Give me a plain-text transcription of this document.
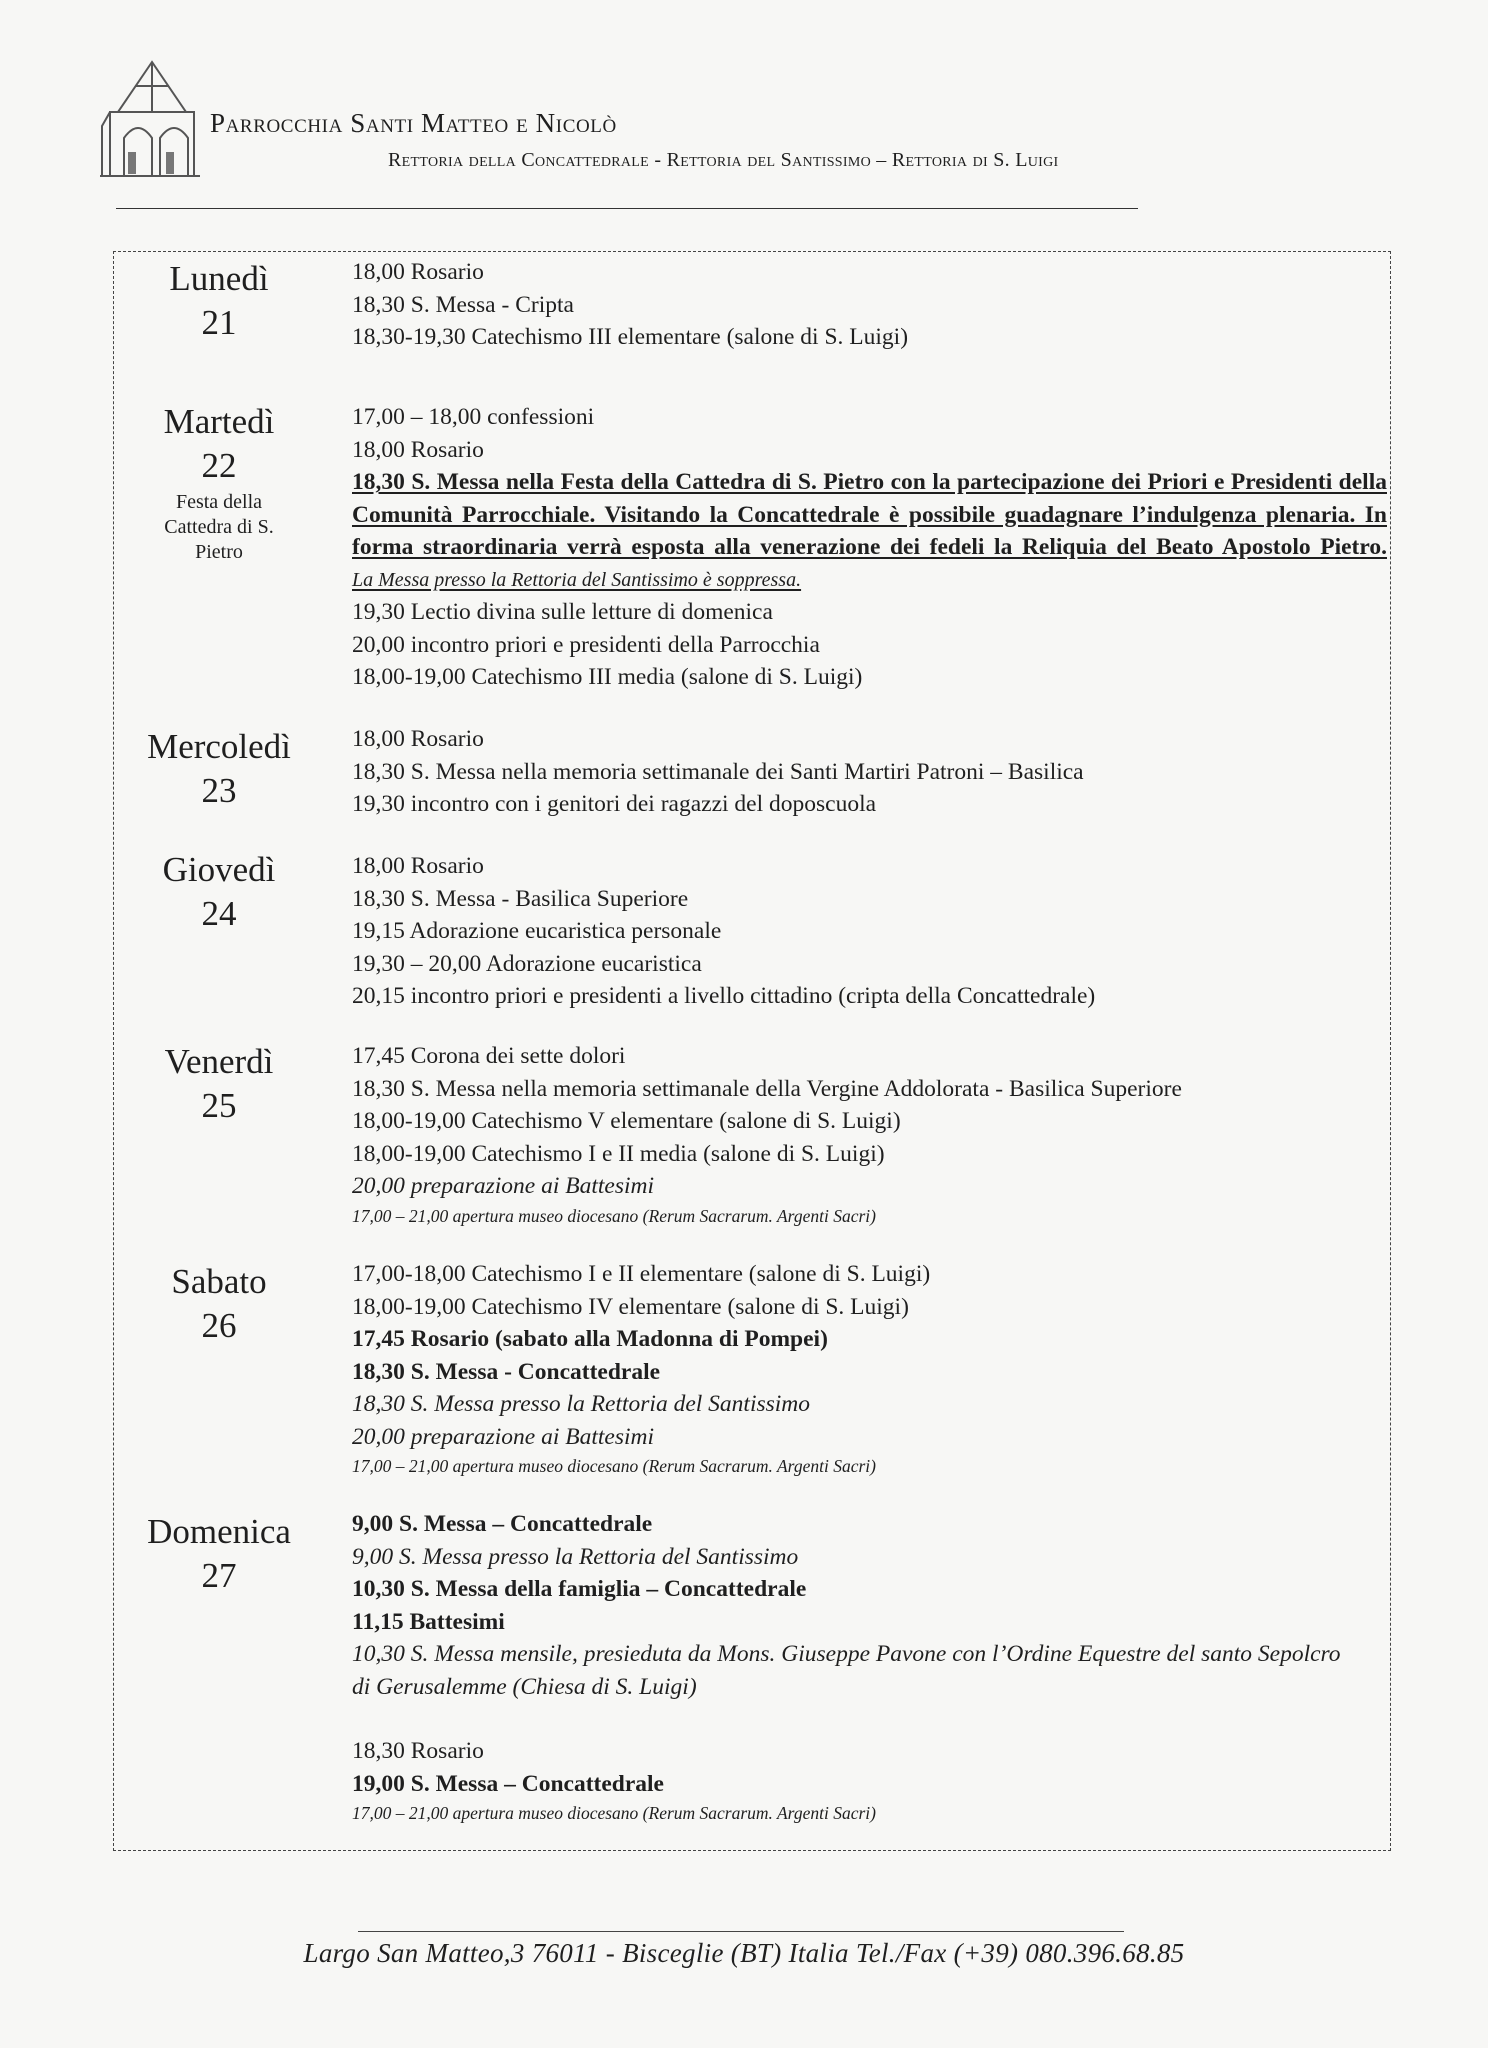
Parrocchia Santi Matteo e Nicolò
Rettoria della Concattedrale - Rettoria del Santissimo – Rettoria di S. Luigi
Lunedì
21
18,00 Rosario
18,30 S. Messa - Cripta
18,30-19,30 Catechismo III elementare (salone di S. Luigi)
Martedì
22
Festa della Cattedra di S. Pietro
17,00 – 18,00 confessioni
18,00 Rosario
18,30 S. Messa nella Festa della Cattedra di S. Pietro con la partecipazione dei Priori e Presidenti della Comunità Parrocchiale. Visitando la Concattedrale è possibile guadagnare l’indulgenza plenaria. In forma straordinaria verrà esposta alla venerazione dei fedeli la Reliquia del Beato Apostolo Pietro.
La Messa presso la Rettoria del Santissimo è soppressa.
19,30 Lectio divina sulle letture di domenica
20,00 incontro priori e presidenti della Parrocchia
18,00-19,00 Catechismo III media (salone di S. Luigi)
Mercoledì
23
18,00 Rosario
18,30 S. Messa nella memoria settimanale dei Santi Martiri Patroni – Basilica
19,30 incontro con i genitori dei ragazzi del doposcuola
Giovedì
24
18,00 Rosario
18,30 S. Messa - Basilica Superiore
19,15 Adorazione eucaristica personale
19,30 – 20,00 Adorazione eucaristica
20,15 incontro priori e presidenti a livello cittadino (cripta della Concattedrale)
Venerdì
25
17,45 Corona dei sette dolori
18,30 S. Messa nella memoria settimanale della Vergine Addolorata - Basilica Superiore
18,00-19,00 Catechismo V elementare (salone di S. Luigi)
18,00-19,00 Catechismo I e II media (salone di S. Luigi)
20,00 preparazione ai Battesimi
17,00 – 21,00 apertura museo diocesano (Rerum Sacrarum. Argenti Sacri)
Sabato
26
17,00-18,00 Catechismo I e II elementare (salone di S. Luigi)
18,00-19,00 Catechismo IV elementare (salone di S. Luigi)
17,45 Rosario (sabato alla Madonna di Pompei)
18,30 S. Messa - Concattedrale
18,30 S. Messa presso la Rettoria del Santissimo
20,00 preparazione ai Battesimi
17,00 – 21,00 apertura museo diocesano (Rerum Sacrarum. Argenti Sacri)
Domenica
27
9,00 S. Messa – Concattedrale
9,00 S. Messa presso la Rettoria del Santissimo
10,30 S. Messa della famiglia – Concattedrale
11,15 Battesimi
10,30 S. Messa mensile, presieduta da Mons. Giuseppe Pavone con l’Ordine Equestre del santo Sepolcro di Gerusalemme (Chiesa di S. Luigi)
18,30 Rosario
19,00 S. Messa – Concattedrale
17,00 – 21,00 apertura museo diocesano (Rerum Sacrarum. Argenti Sacri)
Largo San Matteo,3 76011 - Bisceglie (BT) Italia Tel./Fax (+39) 080.396.68.85
